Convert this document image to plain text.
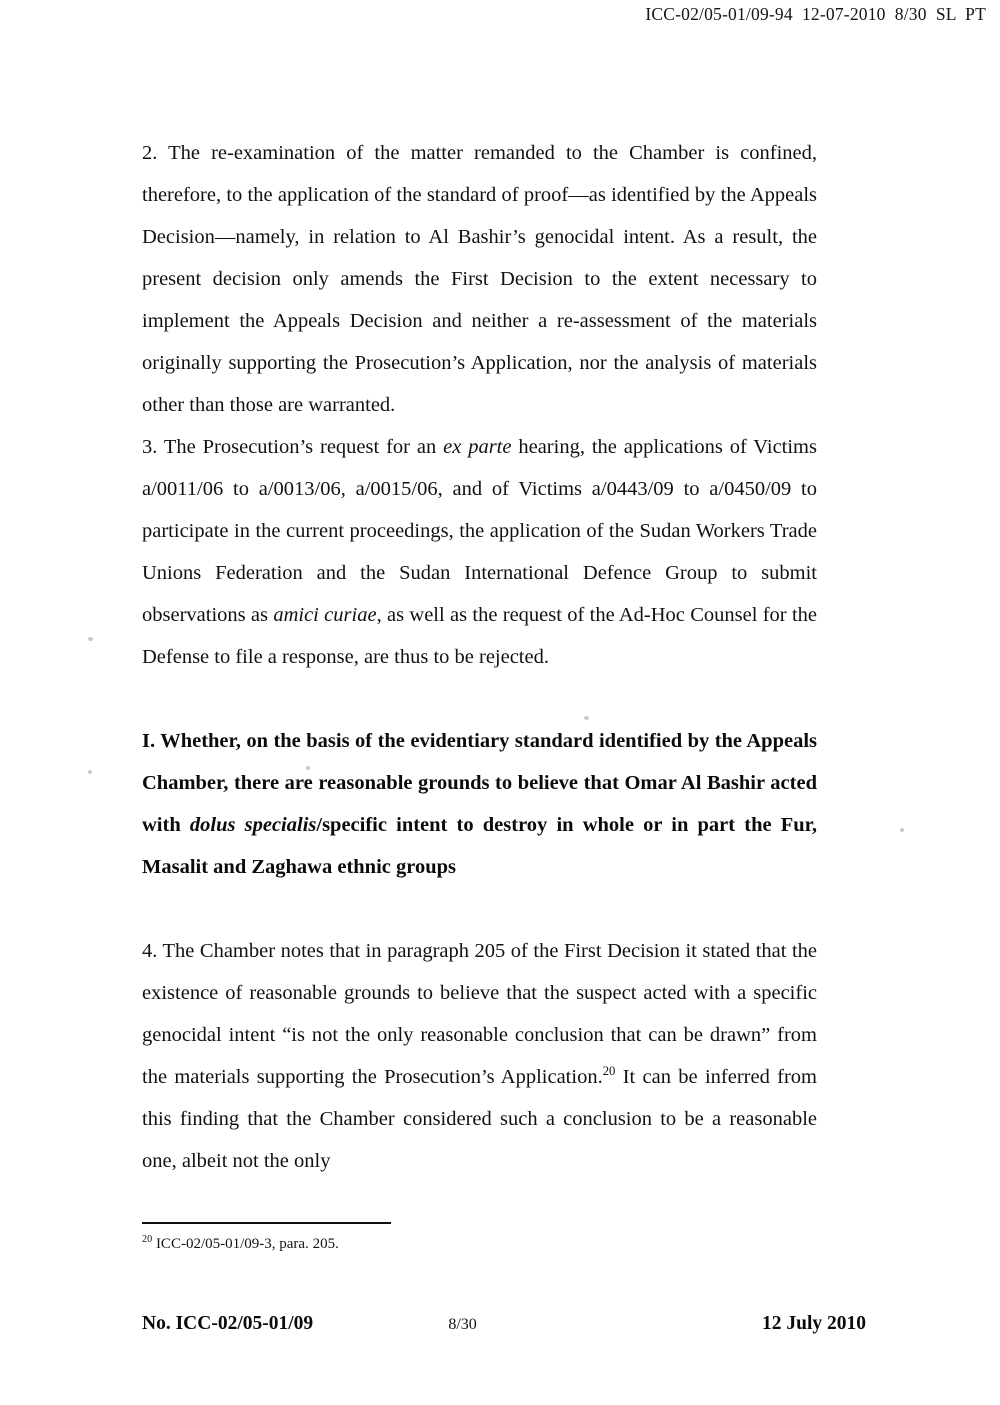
ICC-02/05-01/09-94  12-07-2010  8/30  SL  PT

2. The re-examination of the matter remanded to the Chamber is confined, therefore, to the application of the standard of proof—as identified by the Appeals Decision—namely, in relation to Al Bashir’s genocidal intent. As a result, the present decision only amends the First Decision to the extent necessary to implement the Appeals Decision and neither a re-assessment of the materials originally supporting the Prosecution’s Application, nor the analysis of materials other than those are warranted.

3. The Prosecution’s request for an ex parte hearing, the applications of Victims a/0011/06 to a/0013/06, a/0015/06, and of Victims a/0443/09 to a/0450/09 to participate in the current proceedings, the application of the Sudan Workers Trade Unions Federation and the Sudan International Defence Group to submit observations as amici curiae, as well as the request of the Ad-Hoc Counsel for the Defense to file a response, are thus to be rejected.

I. Whether, on the basis of the evidentiary standard identified by the Appeals Chamber, there are reasonable grounds to believe that Omar Al Bashir acted with dolus specialis/specific intent to destroy in whole or in part the Fur, Masalit and Zaghawa ethnic groups

4. The Chamber notes that in paragraph 205 of the First Decision it stated that the existence of reasonable grounds to believe that the suspect acted with a specific genocidal intent “is not the only reasonable conclusion that can be drawn” from the materials supporting the Prosecution’s Application.$^{20}$ It can be inferred from this finding that the Chamber considered such a conclusion to be a reasonable one, albeit not the only

$^{20}$ ICC-02/05-01/09-3, para. 205.

No. ICC-02/05-01/09	8/30	12 July 2010
